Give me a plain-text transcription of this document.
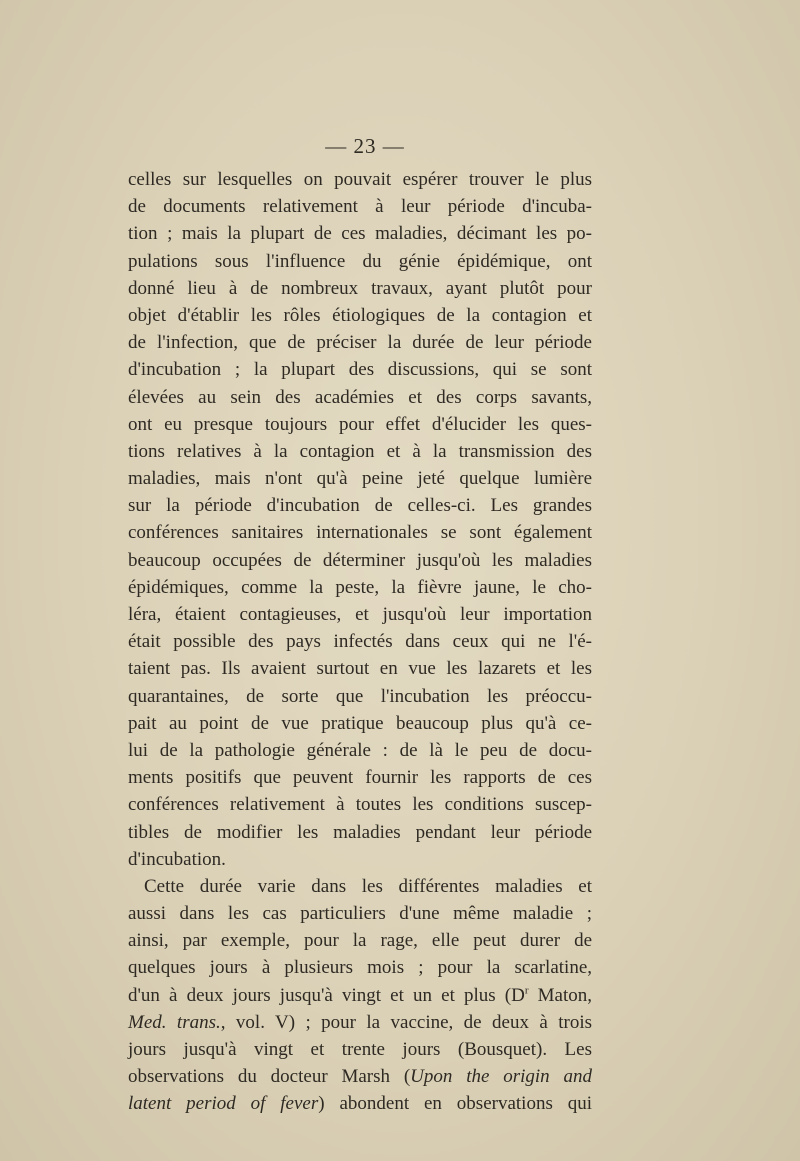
— 23 —
celles sur lesquelles on pouvait espérer trouver le plus
de documents relativement à leur période d'incuba-
tion ; mais la plupart de ces maladies, décimant les po-
pulations sous l'influence du génie épidémique, ont
donné lieu à de nombreux travaux, ayant plutôt pour
objet d'établir les rôles étiologiques de la contagion et
de l'infection, que de préciser la durée de leur période
d'incubation ; la plupart des discussions, qui se sont
élevées au sein des académies et des corps savants,
ont eu presque toujours pour effet d'élucider les ques-
tions relatives à la contagion et à la transmission des
maladies, mais n'ont qu'à peine jeté quelque lumière
sur la période d'incubation de celles-ci. Les grandes
conférences sanitaires internationales se sont également
beaucoup occupées de déterminer jusqu'où les maladies
épidémiques, comme la peste, la fièvre jaune, le cho-
léra, étaient contagieuses, et jusqu'où leur importation
était possible des pays infectés dans ceux qui ne l'é-
taient pas. Ils avaient surtout en vue les lazarets et les
quarantaines, de sorte que l'incubation les préoccu-
pait au point de vue pratique beaucoup plus qu'à ce-
lui de la pathologie générale : de là le peu de docu-
ments positifs que peuvent fournir les rapports de ces
conférences relativement à toutes les conditions suscep-
tibles de modifier les maladies pendant leur période
d'incubation.
Cette durée varie dans les différentes maladies et
aussi dans les cas particuliers d'une même maladie ;
ainsi, par exemple, pour la rage, elle peut durer de
quelques jours à plusieurs mois ; pour la scarlatine,
d'un à deux jours jusqu'à vingt et un et plus ($D^r$ Maton,
Med. trans., vol. V) ; pour la vaccine, de deux à trois
jours jusqu'à vingt et trente jours (Bousquet). Les
observations du docteur Marsh (Upon the origin and
latent period of fever) abondent en observations qui
